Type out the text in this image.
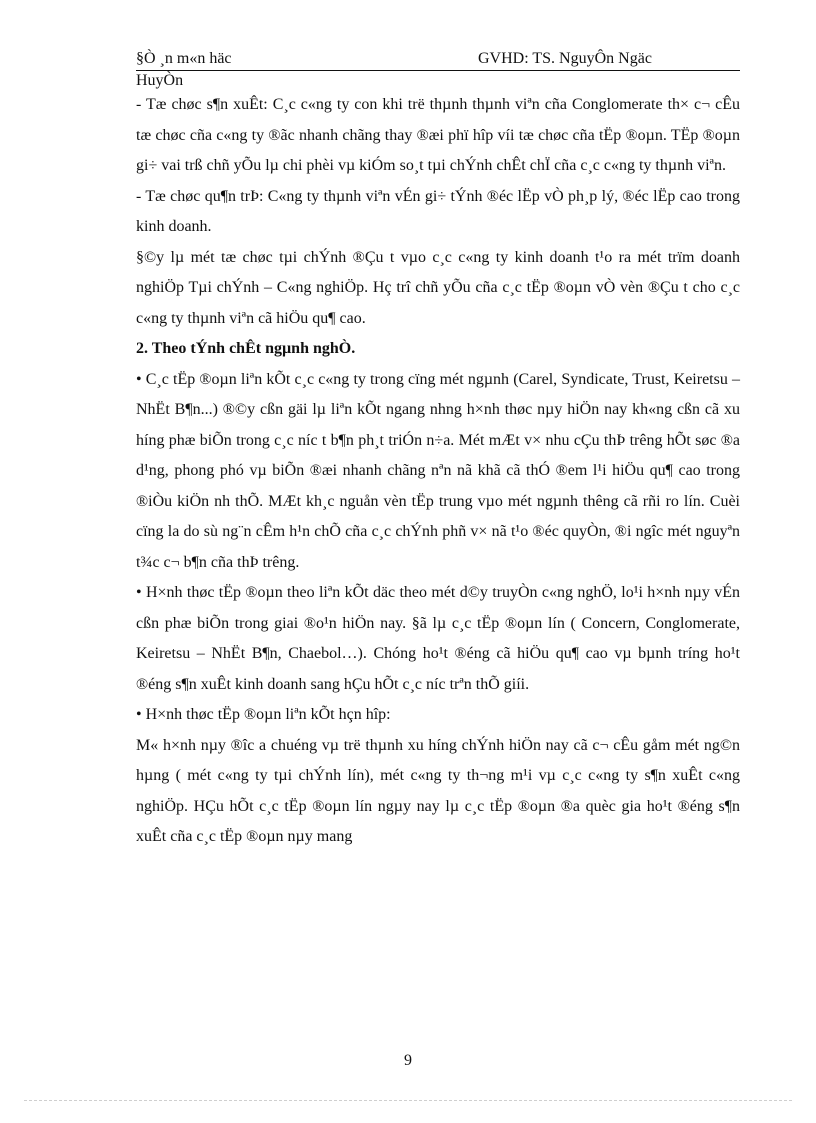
§Ò ¸n m«n häc	GVHD: TS. NguyÔn Ngäc
HuyÒn

- Tæ chøc s¶n xuÊt: C¸c c«ng ty con khi trë thµnh thµnh viªn cña Conglomerate th× c¬ cÊu tæ chøc cña c«ng ty ®ãc nhanh chãng thay ®æi phï hîp víi tæ chøc cña tËp ®oµn. TËp ®oµn gi÷ vai trß chñ yÕu lµ chi phèi vµ kiÓm so¸t tµi chÝnh chÊt chÏ cña c¸c c«ng ty thµnh viªn.

- Tæ chøc qu¶n trÞ: C«ng ty thµnh viªn vÉn gi÷ tÝnh ®éc lËp vÒ ph¸p lý, ®éc lËp cao trong kinh doanh.

§©y lµ mét tæ chøc tµi chÝnh ®Çu t vµo c¸c c«ng ty kinh doanh t¹o ra mét trïm doanh nghiÖp Tµi chÝnh – C«ng nghiÖp. Hç trî chñ yÕu cña c¸c tËp ®oµn vÒ vèn ®Çu t cho c¸c c«ng ty thµnh viªn cã hiÖu qu¶ cao.

2. Theo tÝnh chÊt ngµnh nghÒ.

• C¸c tËp ®oµn liªn kÕt c¸c c«ng ty trong cïng mét ngµnh (Carel, Syndicate, Trust, Keiretsu – NhËt B¶n...) ®©y cßn gäi lµ liªn kÕt ngang nhng h×nh thøc nµy hiÖn nay kh«ng cßn cã xu híng phæ biÕn trong c¸c níc t b¶n ph¸t triÓn n÷a. Mét mÆt v× nhu cÇu thÞ trêng hÕt søc ®a d¹ng, phong phó vµ biÕn ®æi nhanh chãng nªn nã khã cã thÓ ®em l¹i hiÖu qu¶ cao trong ®iÒu kiÖn nh thÕ. MÆt kh¸c nguån vèn tËp trung vµo mét ngµnh thêng cã rñi ro lín. Cuèi cïng la do sù ng¨n cÊm h¹n chÕ cña c¸c chÝnh phñ v× nã t¹o ®éc quyÒn, ®i ngîc mét nguyªn t¾c c¬ b¶n cña thÞ trêng.

• H×nh thøc tËp ®oµn theo liªn kÕt däc theo mét d©y truyÒn c«ng nghÖ, lo¹i h×nh nµy vÉn cßn phæ biÕn trong giai ®o¹n hiÖn nay. §ã lµ c¸c tËp ®oµn lín ( Concern, Conglomerate, Keiretsu – NhËt B¶n, Chaebol…). Chóng ho¹t ®éng cã hiÖu qu¶ cao vµ bµnh tríng ho¹t ®éng s¶n xuÊt kinh doanh sang hÇu hÕt c¸c níc trªn thÕ giíi.

• H×nh thøc tËp ®oµn liªn kÕt hçn hîp:

M« h×nh nµy ®îc a chuéng vµ trë thµnh xu híng chÝnh hiÖn nay cã c¬ cÊu gåm mét ng©n hµng ( mét c«ng ty tµi chÝnh lín), mét c«ng ty th¬ng m¹i vµ c¸c c«ng ty s¶n xuÊt c«ng nghiÖp. HÇu hÕt c¸c tËp ®oµn lín ngµy nay lµ c¸c tËp ®oµn ®a quèc gia ho¹t ®éng s¶n xuÊt cña c¸c tËp ®oµn nµy mang

9
